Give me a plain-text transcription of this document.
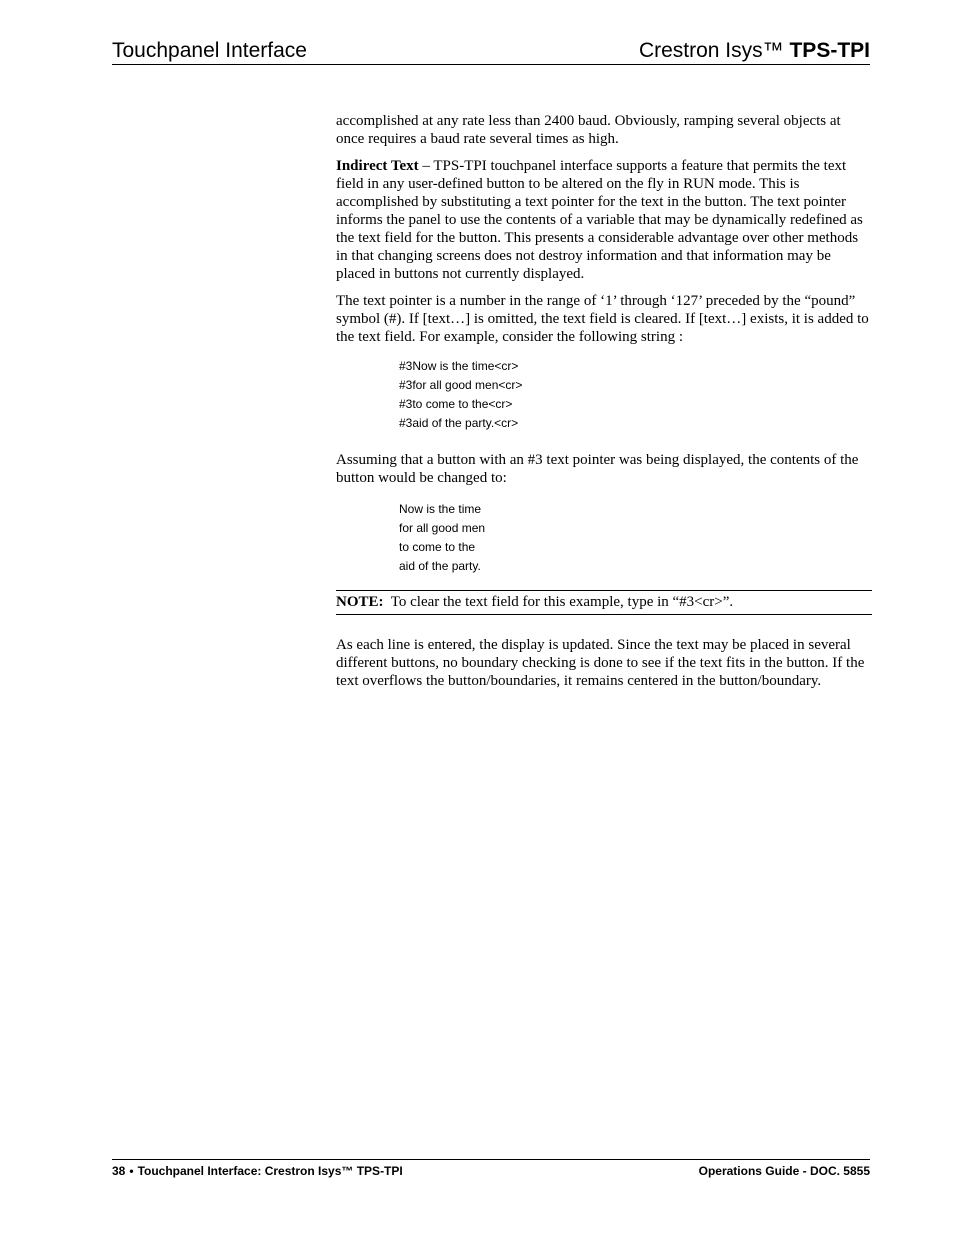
Touchpanel Interface	Crestron Isys™ TPS-TPI

accomplished at any rate less than 2400 baud. Obviously, ramping several objects at once requires a baud rate several times as high.

Indirect Text – TPS-TPI touchpanel interface supports a feature that permits the text field in any user-defined button to be altered on the fly in RUN mode. This is accomplished by substituting a text pointer for the text in the button. The text pointer informs the panel to use the contents of a variable that may be dynamically redefined as the text field for the button. This presents a considerable advantage over other methods in that changing screens does not destroy information and that information may be placed in buttons not currently displayed.

The text pointer is a number in the range of ‘1’ through ‘127’ preceded by the “pound” symbol (#). If [text…] is omitted, the text field is cleared. If [text…] exists, it is added to the text field. For example, consider the following string :

#3Now is the time<cr>
#3for all good men<cr>
#3to come to the<cr>
#3aid of the party.<cr>

Assuming that a button with an #3 text pointer was being displayed, the contents of the button would be changed to:

Now is the time
for all good men
to come to the
aid of the party.
NOTE: To clear the text field for this example, type in “#3<cr>”.

As each line is entered, the display is updated. Since the text may be placed in several different buttons, no boundary checking is done to see if the text fits in the button. If the text overflows the button/boundaries, it remains centered in the button/boundary.

38 • Touchpanel Interface: Crestron Isys™ TPS-TPI	Operations Guide - DOC. 5855
